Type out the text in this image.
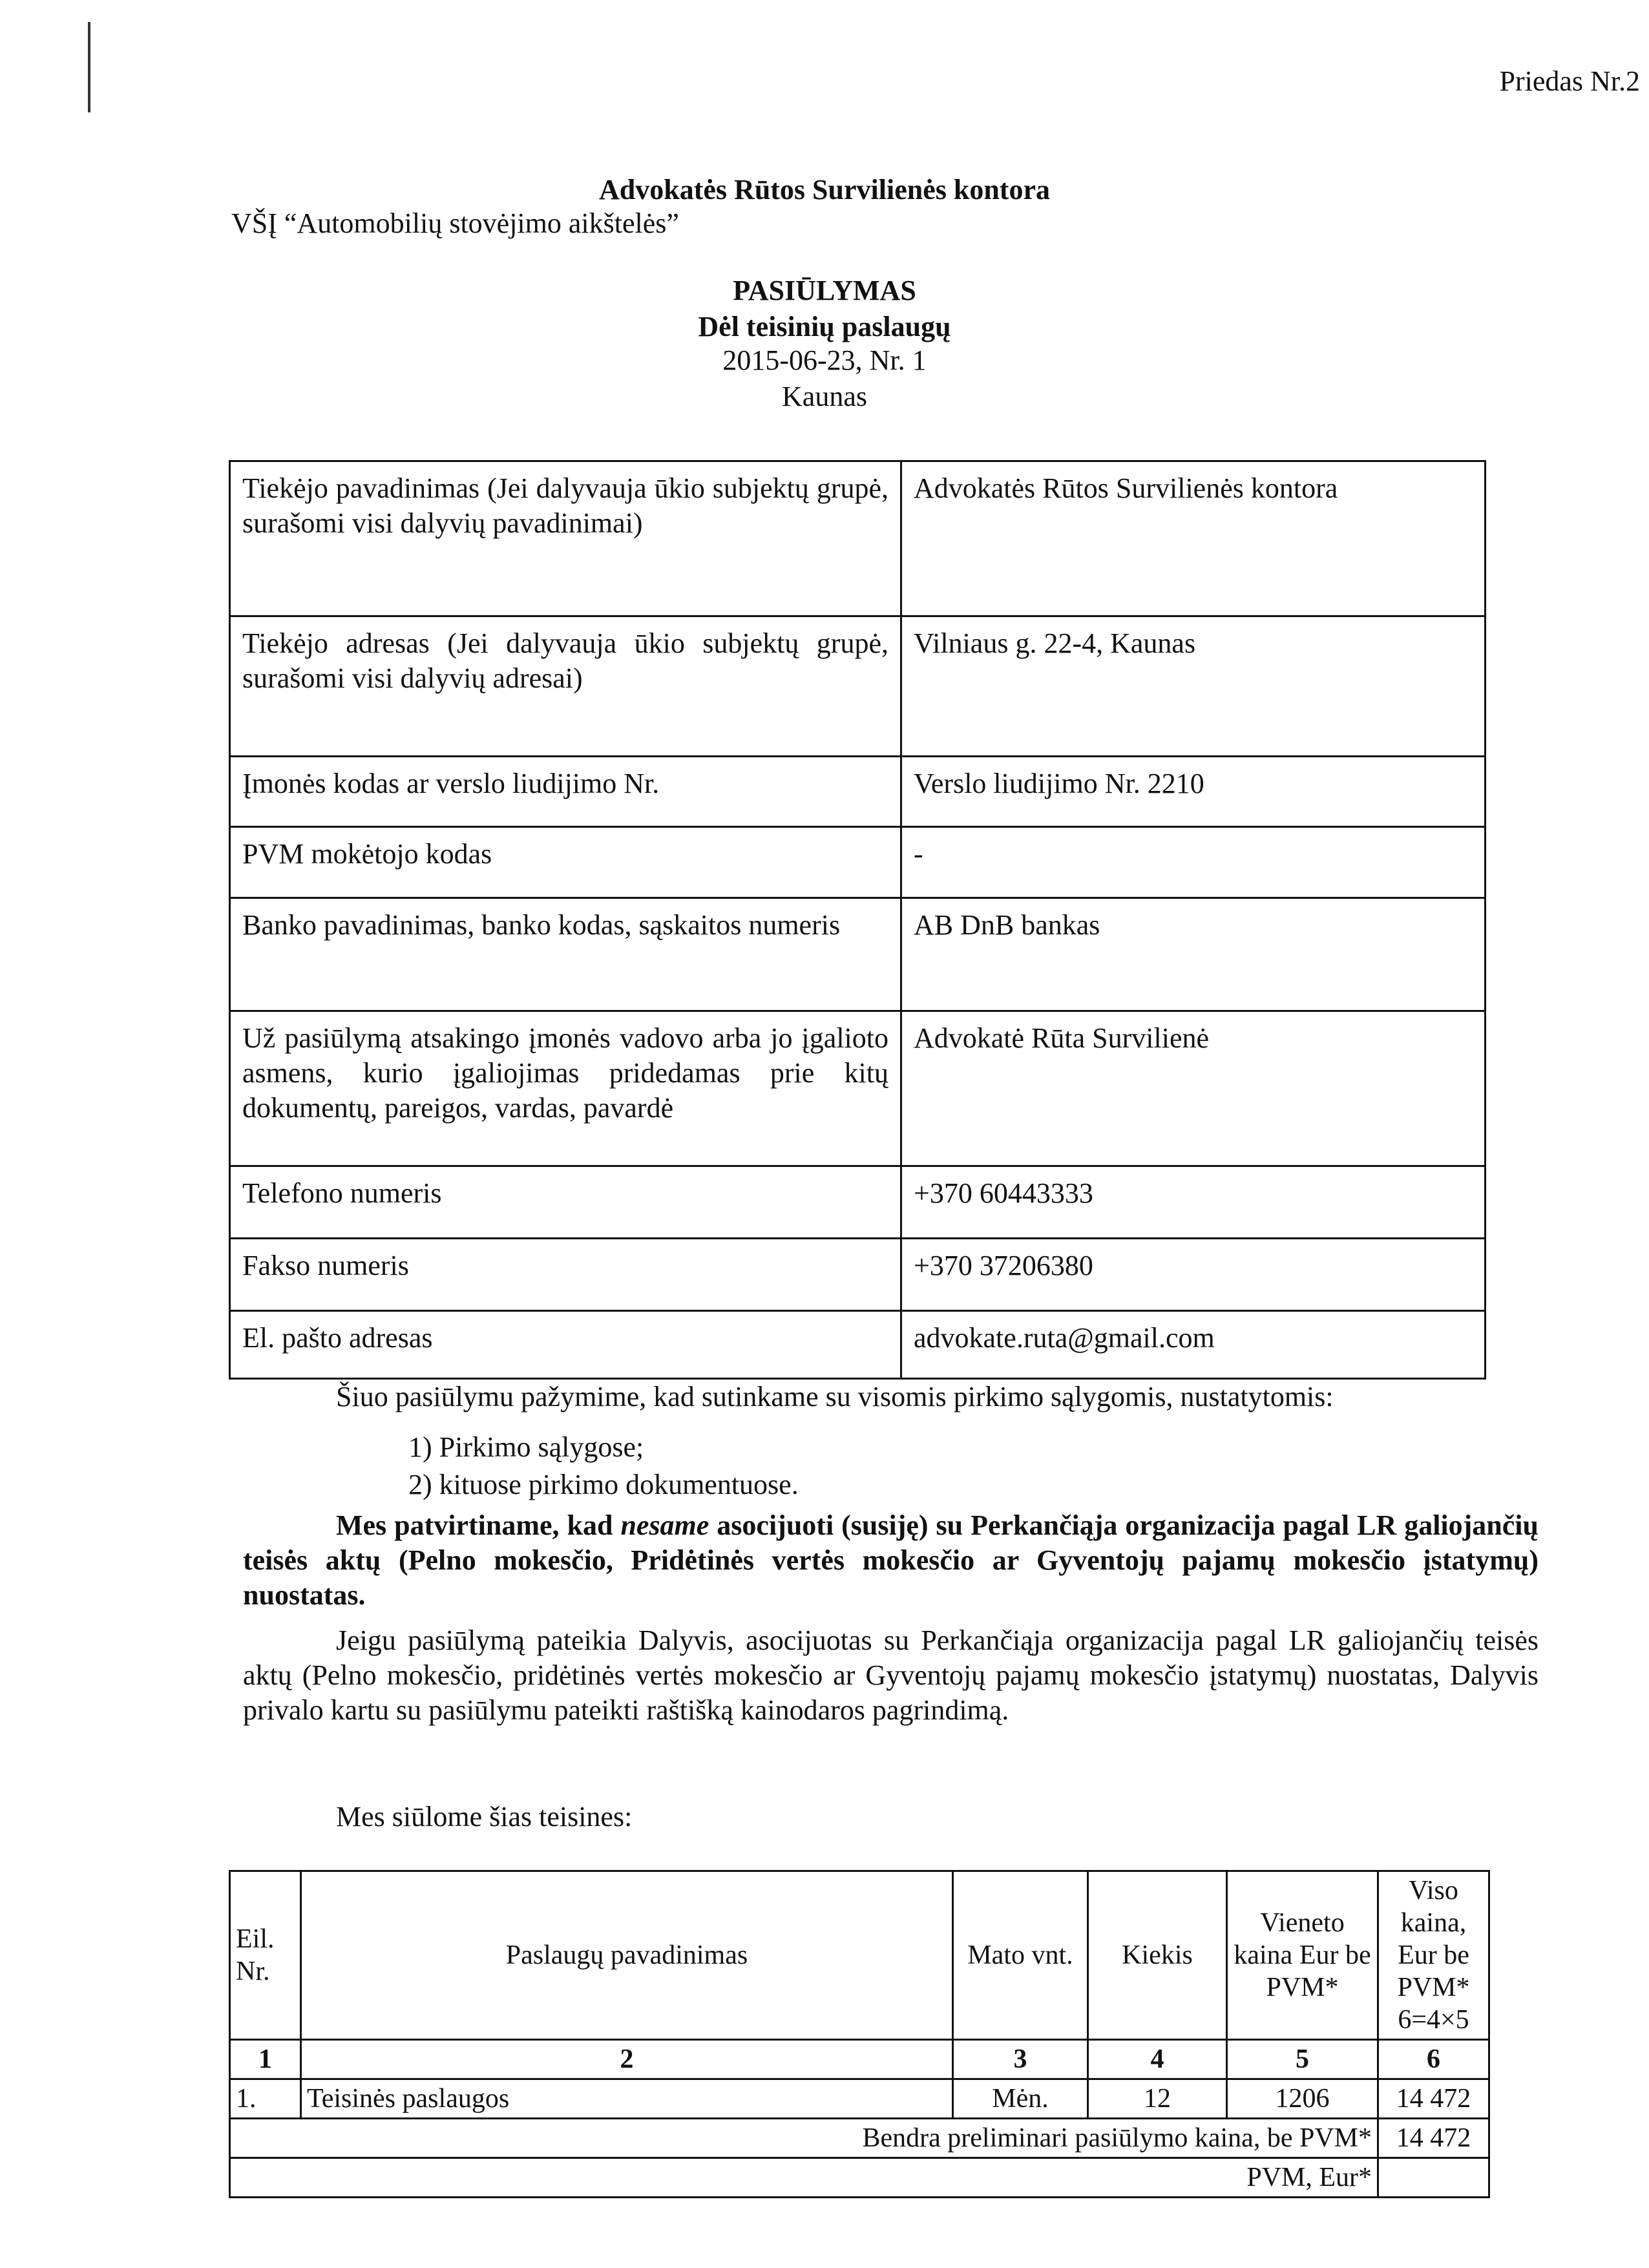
Priedas Nr.2
Advokatės Rūtos Survilienės kontora
VŠĮ “Automobilių stovėjimo aikštelės”
PASIŪLYMAS
Dėl teisinių paslaugų
2015-06-23, Nr. 1
Kaunas
Tiekėjo pavadinimas (Jei dalyvauja ūkio subjektų grupė, surašomi visi dalyvių pavadinimai)	Advokatės Rūtos Survilienės kontora
Tiekėjo adresas (Jei dalyvauja ūkio subjektų grupė, surašomi visi dalyvių adresai)	Vilniaus g. 22-4, Kaunas
Įmonės kodas ar verslo liudijimo Nr.	Verslo liudijimo Nr. 2210
PVM mokėtojo kodas	-
Banko pavadinimas, banko kodas, sąskaitos numeris	AB DnB bankas
Už pasiūlymą atsakingo įmonės vadovo arba jo įgalioto asmens, kurio įgaliojimas pridedamas prie kitų dokumentų, pareigos, vardas, pavardė	Advokatė Rūta Survilienė
Telefono numeris	+370 60443333
Fakso numeris	+370 37206380
El. pašto adresas	advokate.ruta@gmail.com
Šiuo pasiūlymu pažymime, kad sutinkame su visomis pirkimo sąlygomis, nustatytomis:
1) Pirkimo sąlygose;
2) kituose pirkimo dokumentuose.
Mes patvirtiname, kad nesame asocijuoti (susiję) su Perkančiąja organizacija pagal LR galiojančių teisės aktų (Pelno mokesčio, Pridėtinės vertės mokesčio ar Gyventojų pajamų mokesčio įstatymų) nuostatas.
Jeigu pasiūlymą pateikia Dalyvis, asocijuotas su Perkančiąja organizacija pagal LR galiojančių teisės aktų (Pelno mokesčio, pridėtinės vertės mokesčio ar Gyventojų pajamų mokesčio įstatymų) nuostatas, Dalyvis privalo kartu su pasiūlymu pateikti raštišką kainodaros pagrindimą.
Mes siūlome šias teisines:
Eil. Nr.	Paslaugų pavadinimas	Mato vnt.	Kiekis	Vieneto kaina Eur be PVM*	Viso kaina, Eur be PVM* 6=4×5
1	2	3	4	5	6
1.	Teisinės paslaugos	Mėn.	12	1206	14 472
Bendra preliminari pasiūlymo kaina, be PVM*					14 472
PVM, Eur*					
